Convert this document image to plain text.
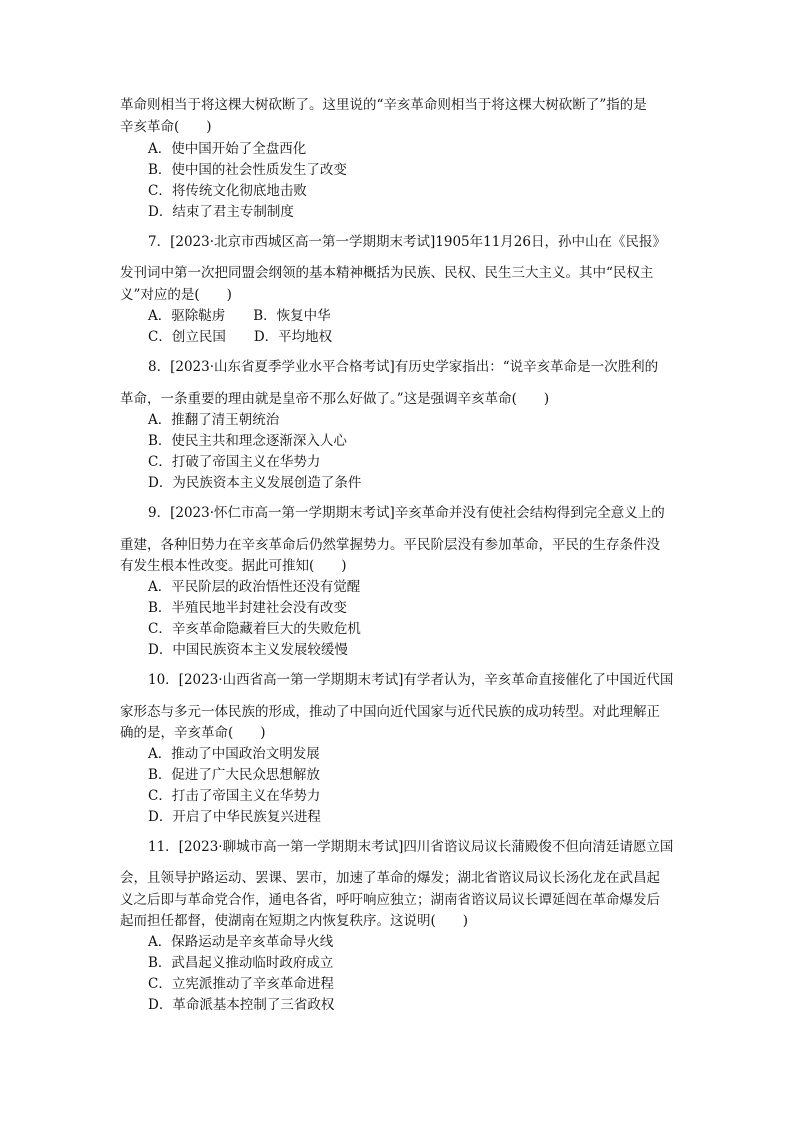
革命则相当于将这棵大树砍断了。这里说的“辛亥革命则相当于将这棵大树砍断了”指的是
辛亥革命(　　)
A．使中国开始了全盘西化
B．使中国的社会性质发生了改变
C．将传统文化彻底地击败
D．结束了君主专制制度
7．[2023·北京市西城区高一第一学期期末考试]1905年11月26日，孙中山在《民报》
发刊词中第一次把同盟会纲领的基本精神概括为民族、民权、民生三大主义。其中“民权主
义”对应的是(　　)
A．驱除鞑虏 B．恢复中华
C．创立民国 D．平均地权
8．[2023·山东省夏季学业水平合格考试]有历史学家指出：“说辛亥革命是一次胜利的
革命，一条重要的理由就是皇帝不那么好做了。”这是强调辛亥革命(　　)
A．推翻了清王朝统治
B．使民主共和理念逐渐深入人心
C．打破了帝国主义在华势力
D．为民族资本主义发展创造了条件
9．[2023·怀仁市高一第一学期期末考试]辛亥革命并没有使社会结构得到完全意义上的
重建，各种旧势力在辛亥革命后仍然掌握势力。平民阶层没有参加革命，平民的生存条件没
有发生根本性改变。据此可推知(　　)
A．平民阶层的政治悟性还没有觉醒
B．半殖民地半封建社会没有改变
C．辛亥革命隐藏着巨大的失败危机
D．中国民族资本主义发展较缓慢
10．[2023·山西省高一第一学期期末考试]有学者认为，辛亥革命直接催化了中国近代国
家形态与多元一体民族的形成，推动了中国向近代国家与近代民族的成功转型。对此理解正
确的是，辛亥革命(　　)
A．推动了中国政治文明发展
B．促进了广大民众思想解放
C．打击了帝国主义在华势力
D．开启了中华民族复兴进程
11．[2023·聊城市高一第一学期期末考试]四川省谘议局议长蒲殿俊不但向清廷请愿立国
会，且领导护路运动、罢课、罢市，加速了革命的爆发；湖北省谘议局议长汤化龙在武昌起
义之后即与革命党合作，通电各省，呼吁响应独立；湖南省谘议局议长谭延闿在革命爆发后
起而担任都督，使湖南在短期之内恢复秩序。这说明(　　)
A．保路运动是辛亥革命导火线
B．武昌起义推动临时政府成立
C．立宪派推动了辛亥革命进程
D．革命派基本控制了三省政权
